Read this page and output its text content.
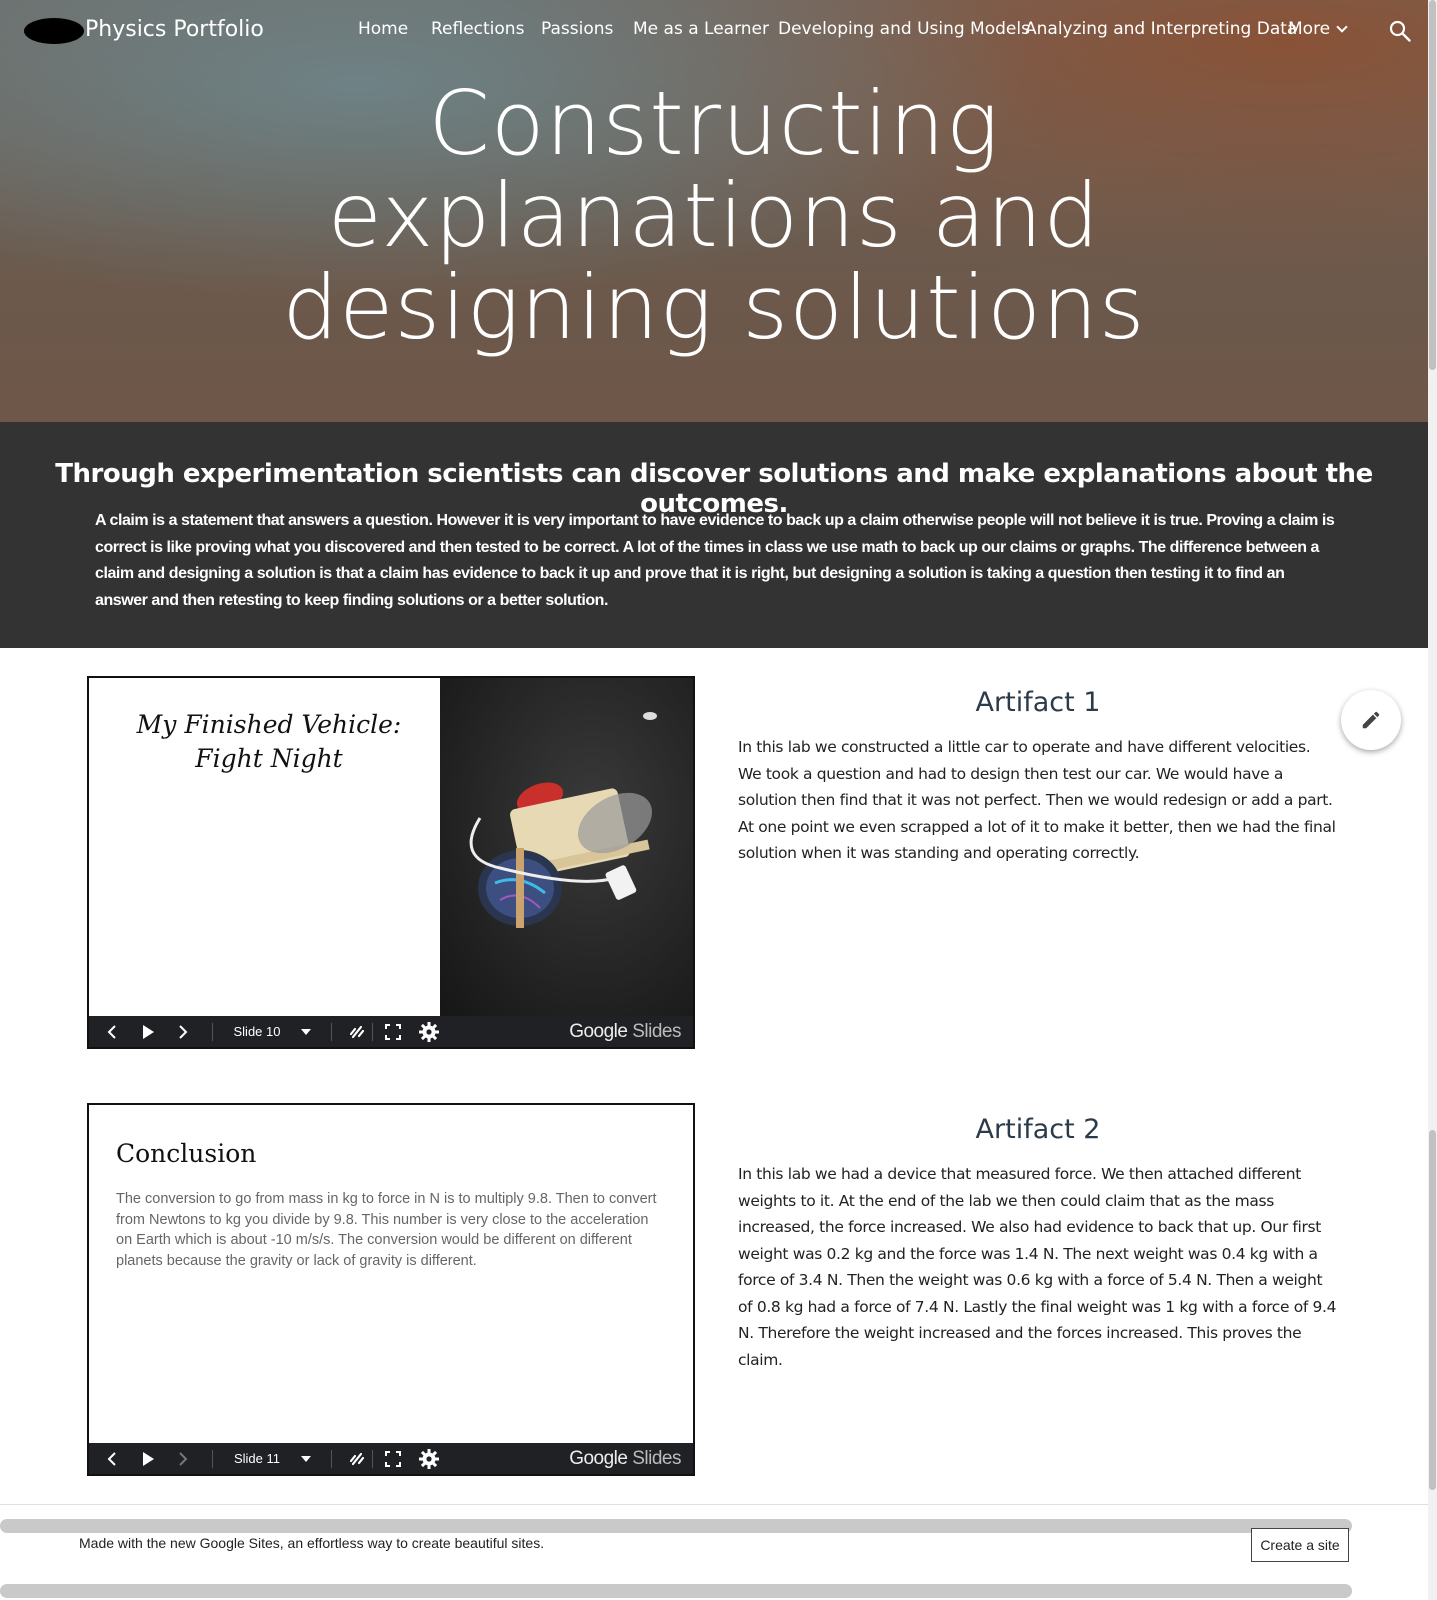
Physics Portfolio	Home Reflections Passions Me as a Learner Developing and Using Models
Analyzing and Interpreting Data
More
Constructing
explanations and
designing solutions
Through experimentation scientists can discover solutions and make explanations about the outcomes.

A claim is a statement that answers a question. However it is very important to have evidence to back up a claim otherwise people will not believe it is true. Proving a claim is correct is like proving what you discovered and then tested to be correct. A lot of the times in class we use math to back up our claims or graphs. The difference between a claim and designing a solution is that a claim has evidence to back it up and prove that it is right, but designing a solution is taking a question then testing it to find an answer and then retesting to keep finding solutions or a better solution.

My Finished Vehicle: Fight Night
Slide 10	Google Slides
Artifact 1
In this lab we constructed a little car to operate and have different velocities. We took a question and had to design then test our car. We would have a solution then find that it was not perfect. Then we would redesign or add a part. At one point we even scrapped a lot of it to make it better, then we had the final solution when it was standing and operating correctly.
Conclusion
The conversion to go from mass in kg to force in N is to multiply 9.8. Then to convert from Newtons to kg you divide by 9.8. This number is very close to the acceleration on Earth which is about -10 m/s/s. The conversion would be different on different planets because the gravity or lack of gravity is different.
Slide 11	Google Slides
Artifact 2
In this lab we had a device that measured force. We then attached different weights to it. At the end of the lab we then could claim that as the mass increased, the force increased. We also had evidence to back that up. Our first weight was 0.2 kg and the force was 1.4 N. The next weight was 0.4 kg with a force of 3.4 N. Then the weight was 0.6 kg with a force of 5.4 N. Then a weight of 0.8 kg had a force of 7.4 N. Lastly the final weight was 1 kg with a force of 9.4 N. Therefore the weight increased and the forces increased. This proves the claim.
Made with the new Google Sites, an effortless way to create beautiful sites.	Create a site
